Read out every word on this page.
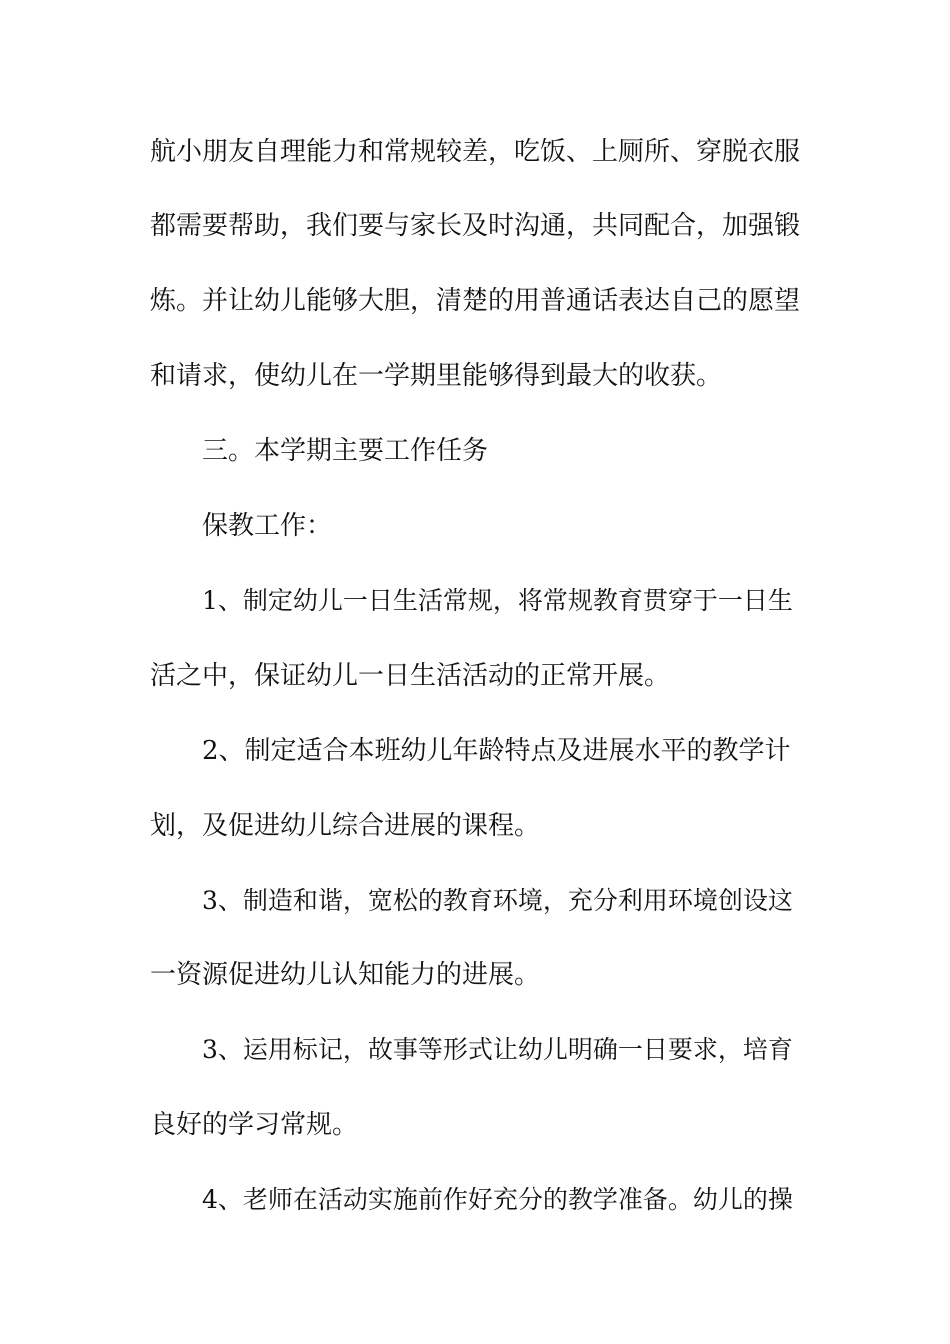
航小朋友自理能力和常规较差，吃饭、上厕所、穿脱衣服
都需要帮助，我们要与家长及时沟通，共同配合，加强锻
炼。并让幼儿能够大胆，清楚的用普通话表达自己的愿望
和请求，使幼儿在一学期里能够得到最大的收获。
三。本学期主要工作任务
保教工作：
1、制定幼儿一日生活常规，将常规教育贯穿于一日生
活之中，保证幼儿一日生活活动的正常开展。
2、制定适合本班幼儿年龄特点及进展水平的教学计
划，及促进幼儿综合进展的课程。
3、制造和谐，宽松的教育环境，充分利用环境创设这
一资源促进幼儿认知能力的进展。
3、运用标记，故事等形式让幼儿明确一日要求，培育
良好的学习常规。
4、老师在活动实施前作好充分的教学准备。幼儿的操
